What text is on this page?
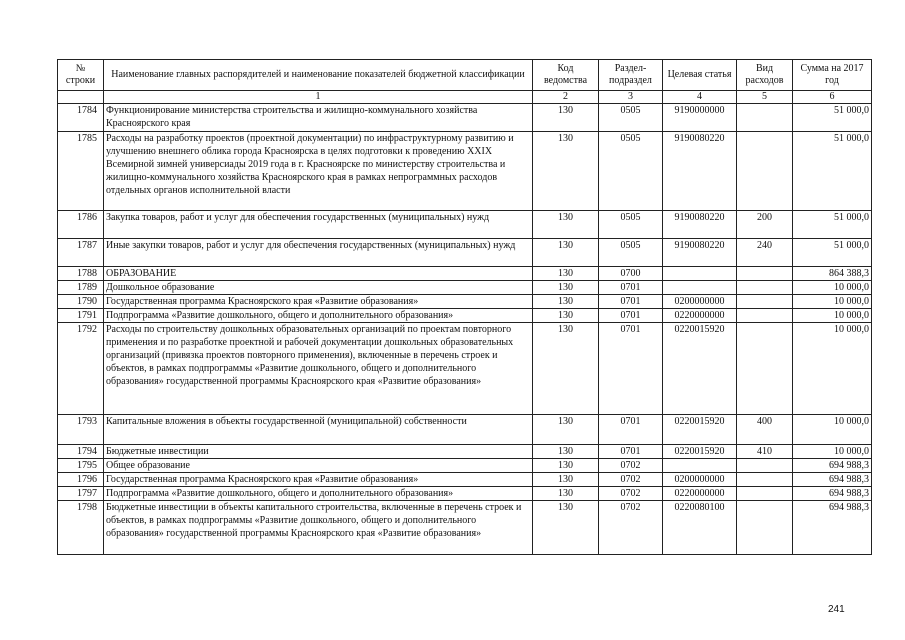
№ строки	Наименование главных распорядителей и наименование показателей бюджетной классификации	Код ведомства	Раздел-подраздел	Целевая статья	Вид расходов	Сумма на 2017 год
	1	2	3	4	5	6
1784	Функционирование министерства строительства и жилищно-коммунального хозяйства Красноярского края	130	0505	9190000000		51 000,0
1785	Расходы на разработку проектов (проектной документации) по инфраструктурному развитию и улучшению внешнего облика города Красноярска в целях подготовки к проведению XXIX Всемирной зимней универсиады 2019 года в г. Красноярске по министерству строительства и жилищно-коммунального хозяйства Красноярского края в рамках непрограммных расходов отдельных органов исполнительной власти	130	0505	9190080220		51 000,0
1786	Закупка товаров, работ и услуг для обеспечения государственных (муниципальных) нужд	130	0505	9190080220	200	51 000,0
1787	Иные закупки товаров, работ и услуг для обеспечения государственных (муниципальных) нужд	130	0505	9190080220	240	51 000,0
1788	ОБРАЗОВАНИЕ	130	0700			864 388,3
1789	Дошкольное образование	130	0701			10 000,0
1790	Государственная программа Красноярского края «Развитие образования»	130	0701	0200000000		10 000,0
1791	Подпрограмма «Развитие дошкольного, общего и дополнительного образования»	130	0701	0220000000		10 000,0
1792	Расходы по строительству дошкольных образовательных организаций по проектам повторного применения и по разработке проектной и рабочей документации дошкольных образовательных организаций (привязка проектов повторного применения), включенные в перечень строек и объектов, в рамках подпрограммы «Развитие дошкольного, общего и дополнительного образования» государственной программы Красноярского края «Развитие образования»	130	0701	0220015920		10 000,0
1793	Капитальные вложения в объекты государственной (муниципальной) собственности	130	0701	0220015920	400	10 000,0
1794	Бюджетные инвестиции	130	0701	0220015920	410	10 000,0
1795	Общее образование	130	0702			694 988,3
1796	Государственная программа Красноярского края «Развитие образования»	130	0702	0200000000		694 988,3
1797	Подпрограмма «Развитие дошкольного, общего и дополнительного образования»	130	0702	0220000000		694 988,3
1798	Бюджетные инвестиции в объекты капитального строительства, включенные в перечень строек и объектов, в рамках подпрограммы «Развитие дошкольного, общего и дополнительного образования» государственной программы Красноярского края «Развитие образования»	130	0702	0220080100		694 988,3
241
